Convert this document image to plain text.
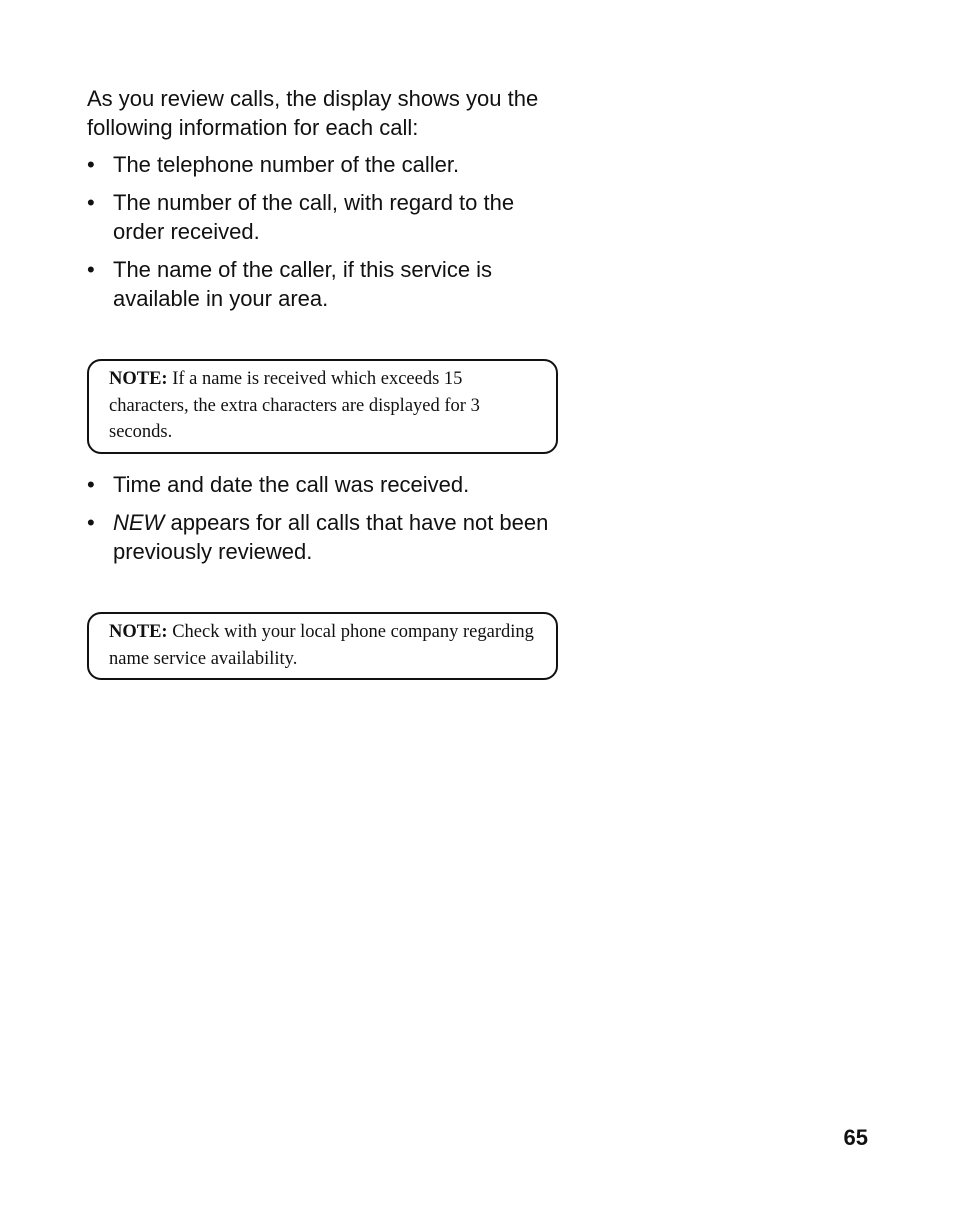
As you review calls, the display shows you the following information for each call:

• The telephone number of the caller.
• The number of the call, with regard to the order received.
• The name of the caller, if this service is available in your area.
NOTE: If a name is received which exceeds 15 characters, the extra characters are displayed for 3 seconds.
• Time and date the call was received.
• NEW appears for all calls that have not been previously reviewed.
NOTE: Check with your local phone company regarding name service availability.
65
